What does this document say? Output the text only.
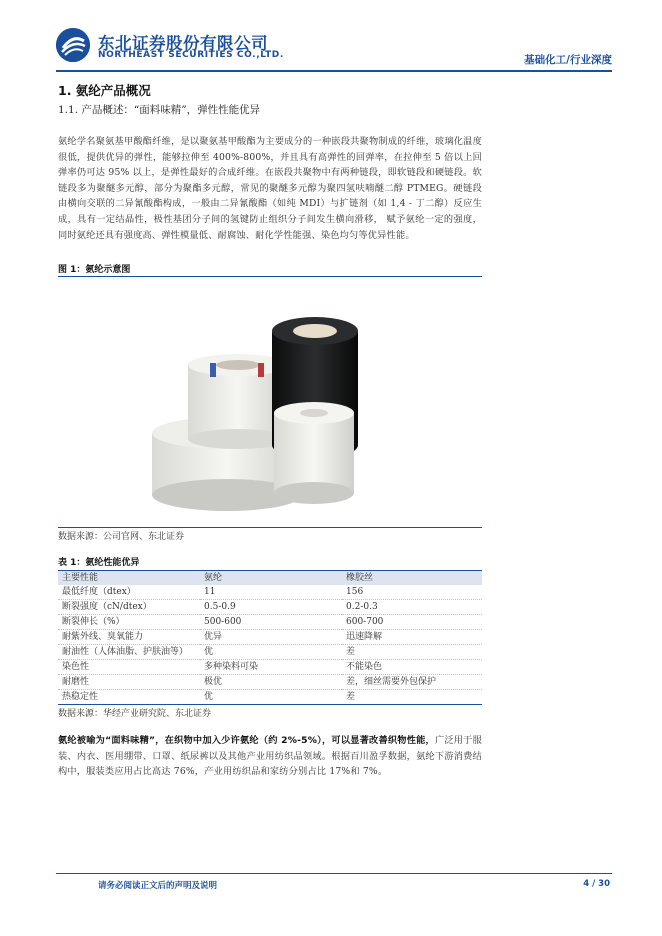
东北证券股份有限公司
NORTHEAST SECURITIES CO.,LTD.	基础化工/行业深度
1. 氨纶产品概况
1.1. 产品概述：“面料味精”，弹性性能优异

氨纶学名聚氨基甲酸酯纤维，是以聚氨基甲酸酯为主要成分的一种嵌段共聚物制成的纤维，玻璃化温度很低，提供优异的弹性，能够拉伸至 400%-800%，并且具有高弹性的回弹率，在拉伸至 5 倍以上回弹率仍可达 95% 以上，是弹性最好的合成纤维。在嵌段共聚物中有两种链段，即软链段和硬链段。软链段多为聚醚多元醇，部分为聚酯多元醇，常见的聚醚多元醇为聚四氢呋喃醚二醇 PTMEG。硬链段由横向交联的二异氰酸酯构成，一般由二异氰酸酯（如纯 MDI）与扩链剂（如 1,4 - 丁二醇）反应生成，具有一定结晶性，极性基团分子间的氢键防止组织分子间发生横向滑移， 赋予氨纶一定的强度，同时氨纶还具有强度高、弹性模量低、耐腐蚀、耐化学性能强、染色均匀等优异性能。

图 1：氨纶示意图
数据来源：公司官网、东北证券
表 1：氨纶性能优异
主要性能	氨纶	橡胶丝
最低纤度（dtex）	11	156
断裂强度（cN/dtex）	0.5-0.9	0.2-0.3
断裂伸长（%）	500-600	600-700
耐紫外线、臭氧能力	优异	迅速降解
耐油性（人体油脂、护肤油等）	优	差
染色性	多种染料可染	不能染色
耐磨性	极优	差，细丝需要外包保护
热稳定性	优	差
数据来源：华经产业研究院、东北证券

氨纶被喻为“面料味精”，在织物中加入少许氨纶（约 2%-5%），可以显著改善织物性能，广泛用于服装、内衣、医用绷带、口罩、纸尿裤以及其他产业用纺织品领域。根据百川盈孚数据，氨纶下游消费结构中，服装类应用占比高达 76%，产业用纺织品和家纺分别占比 17%和 7%。

请务必阅读正文后的声明及说明	4 / 30
